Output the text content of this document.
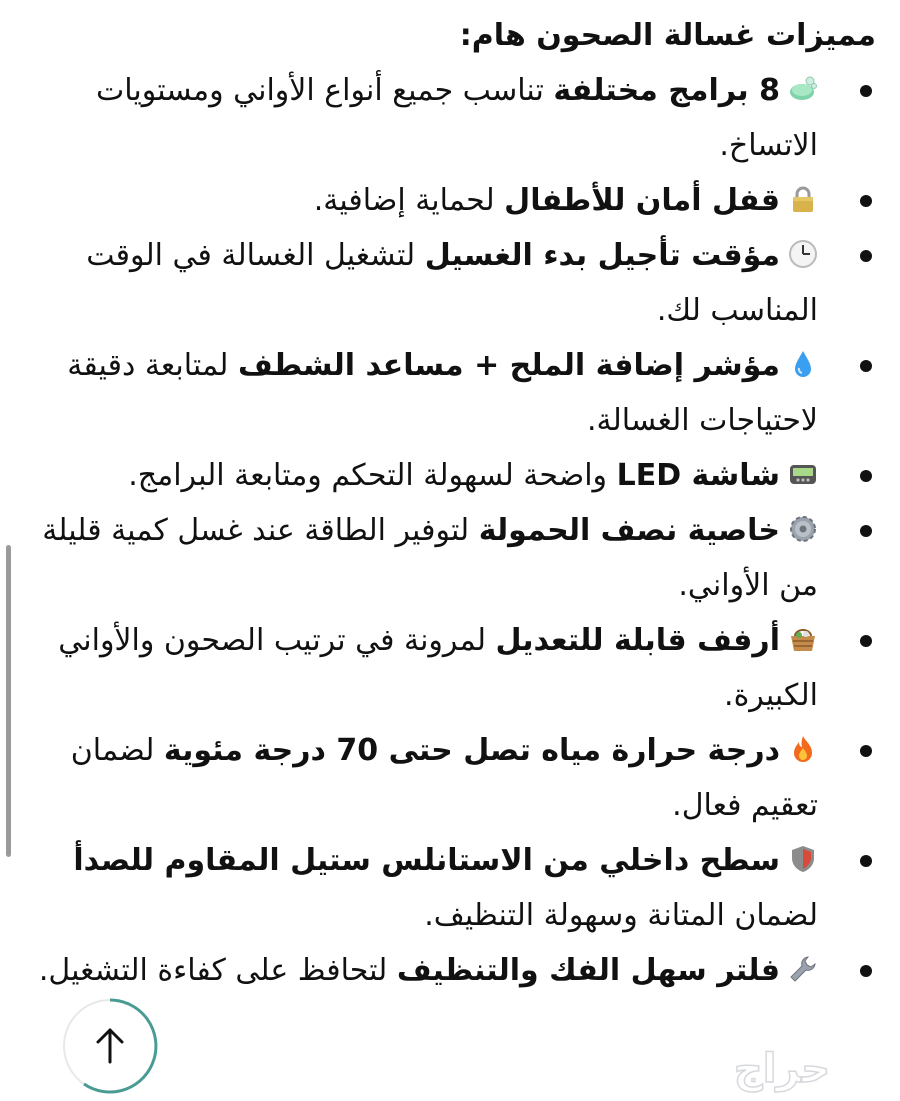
مميزات غسالة الصحون هام:

8 برامج مختلفة تناسب جميع أنواع الأواني ومستويات الاتساخ.
قفل أمان للأطفال لحماية إضافية.
مؤقت تأجيل بدء الغسيل لتشغيل الغسالة في الوقت المناسب لك.
مؤشر إضافة الملح + مساعد الشطف لمتابعة دقيقة لاحتياجات الغسالة.
شاشة LED واضحة لسهولة التحكم ومتابعة البرامج.
خاصية نصف الحمولة لتوفير الطاقة عند غسل كمية قليلة من الأواني.
أرفف قابلة للتعديل لمرونة في ترتيب الصحون والأواني الكبيرة.
درجة حرارة مياه تصل حتى 70 درجة مئوية لضمان تعقيم فعال.
سطح داخلي من الاستانلس ستيل المقاوم للصدأ لضمان المتانة وسهولة التنظيف.
فلتر سهل الفك والتنظيف لتحافظ على كفاءة التشغيل.
حراج
